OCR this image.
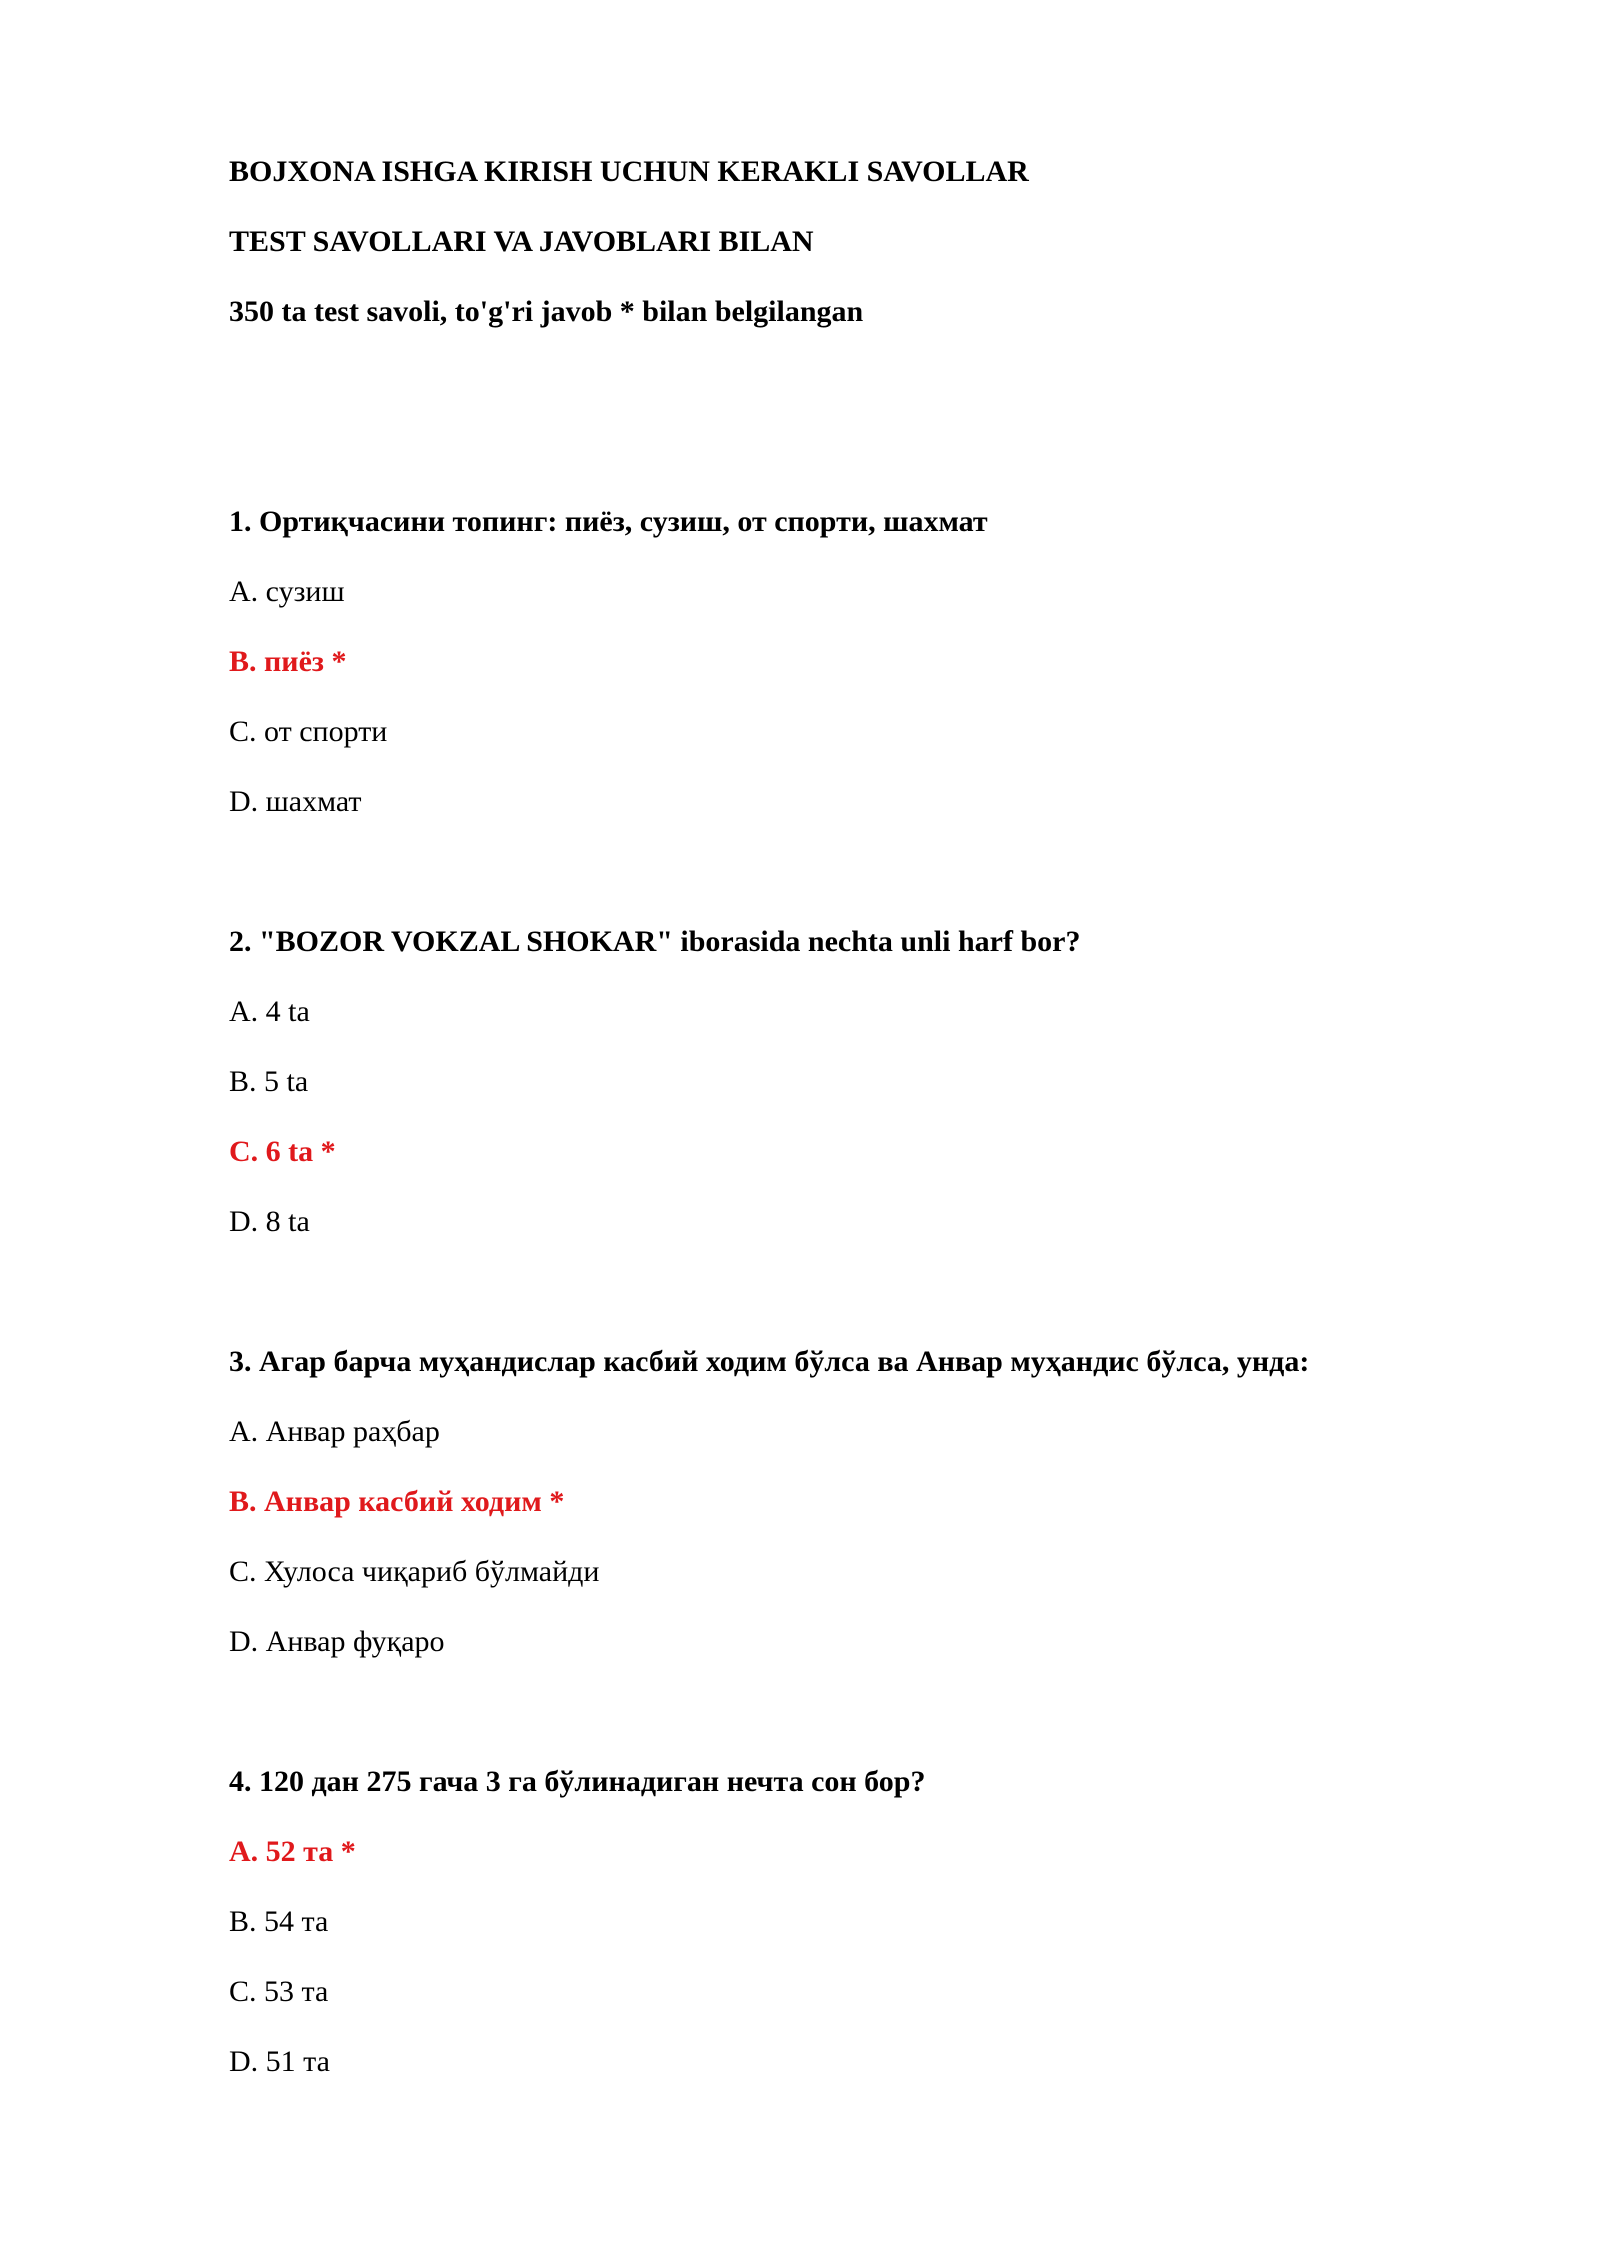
BOJXONA ISHGA KIRISH UCHUN KERAKLI SAVOLLAR
TEST SAVOLLARI VA JAVOBLARI BILAN
350 ta test savoli, to'g'ri javob * bilan belgilangan
1. Ортиқчасини топинг: пиёз, сузиш, от спорти, шахмат
A. сузиш
B. пиёз *
C. от спорти
D. шахмат
2. "BOZOR VOKZAL SHOKAR" iborasida nechta unli harf bor?
A. 4 ta
B. 5 ta
C. 6 ta *
D. 8 ta
3. Агар барча муҳандислар касбий ходим бўлса ва Анвар муҳандис бўлса, унда:
A. Анвар раҳбар
B. Анвар касбий ходим *
C. Хулоса чиқариб бўлмайди
D. Анвар фуқаро
4. 120 дан 275 гача 3 га бўлинадиган нечта сон бор?
A. 52 та *
B. 54 та
C. 53 та
D. 51 та
